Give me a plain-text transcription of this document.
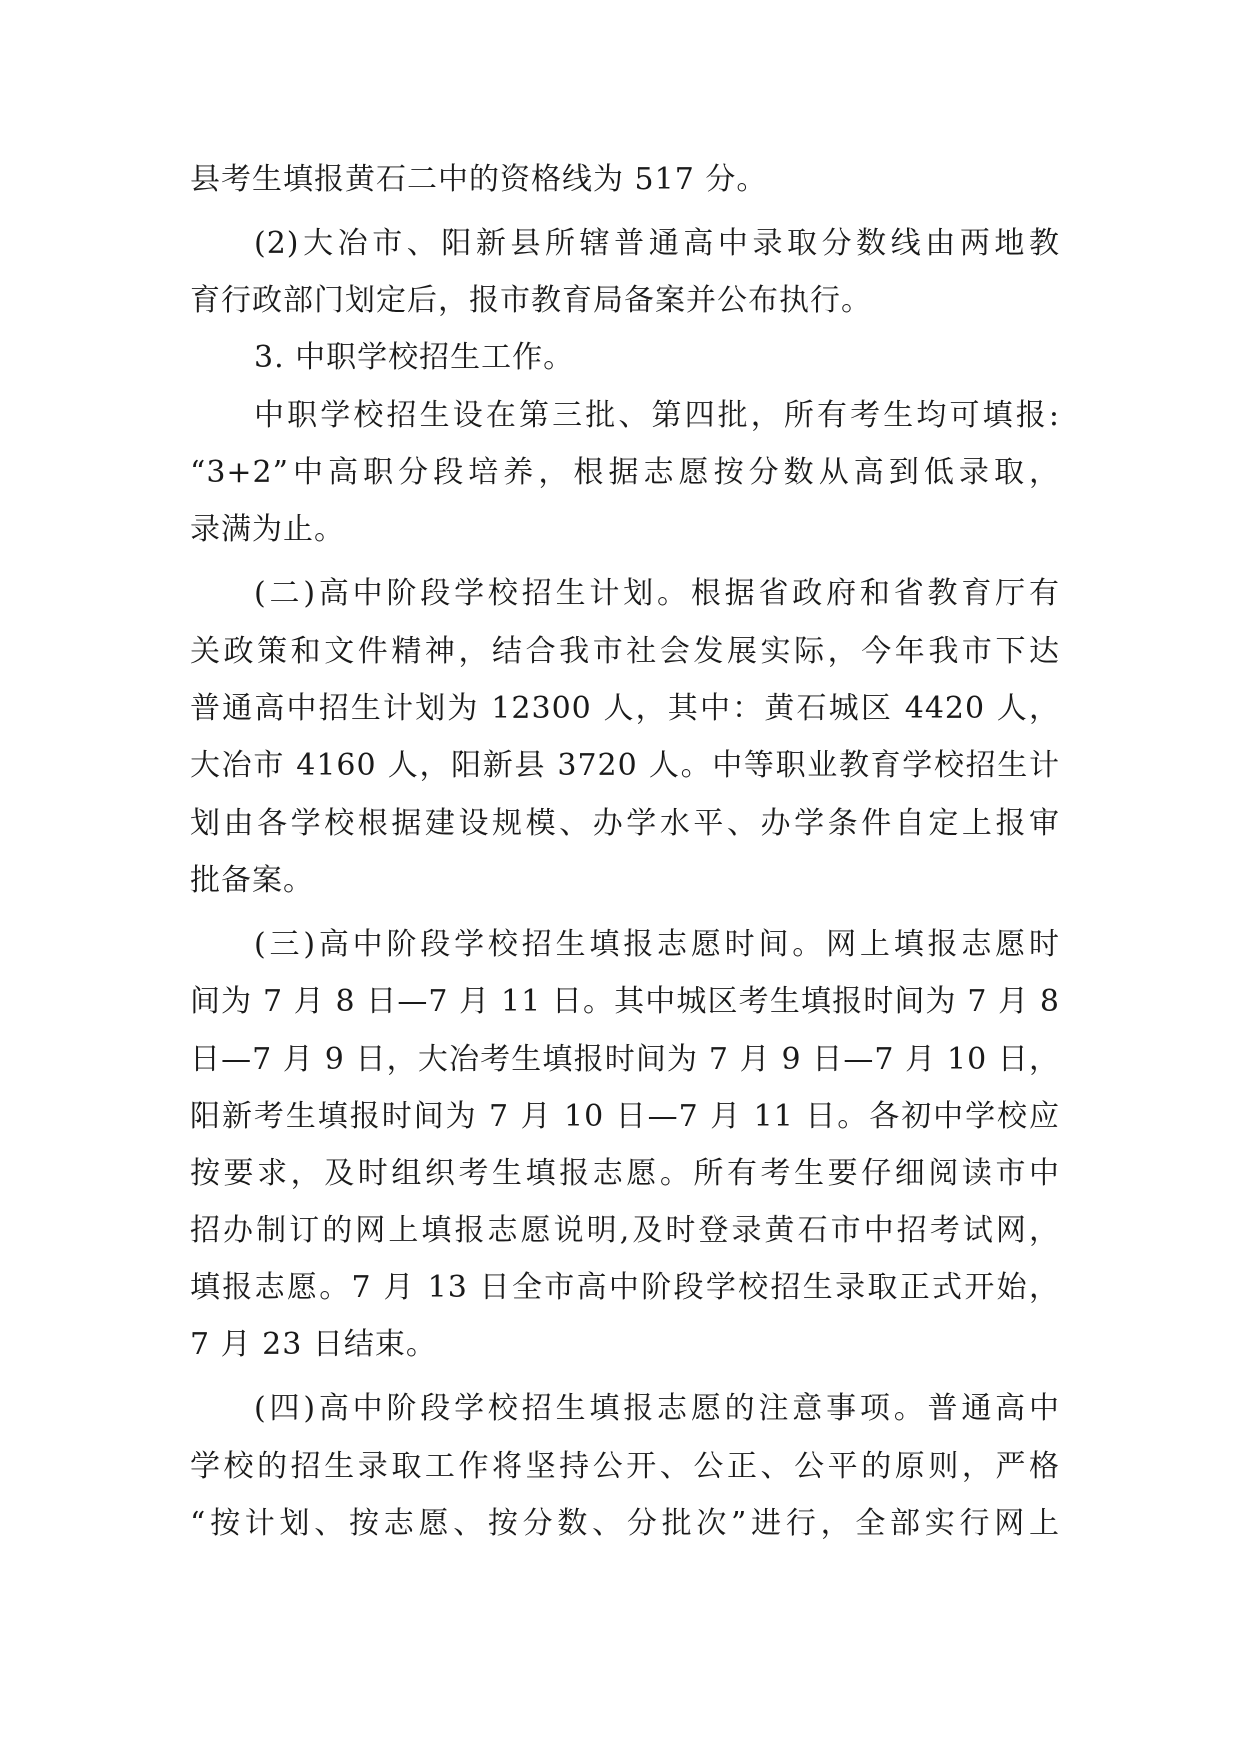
县考生填报黄石二中的资格线为 517 分。
(2)大冶市、阳新县所辖普通高中录取分数线由两地教
育行政部门划定后，报市教育局备案并公布执行。
3. 中职学校招生工作。
中职学校招生设在第三批、第四批，所有考生均可填报:
“3+2”中高职分段培养，根据志愿按分数从高到低录取，
录满为止。
(二)高中阶段学校招生计划。根据省政府和省教育厅有
关政策和文件精神，结合我市社会发展实际，今年我市下达
普通高中招生计划为 12300 人，其中：黄石城区 4420 人，
大冶市 4160 人，阳新县 3720 人。中等职业教育学校招生计
划由各学校根据建设规模、办学水平、办学条件自定上报审
批备案。
(三)高中阶段学校招生填报志愿时间。网上填报志愿时
间为 7 月 8 日—7 月 11 日。其中城区考生填报时间为 7 月 8
日—7 月 9 日，大冶考生填报时间为 7 月 9 日—7 月 10 日，
阳新考生填报时间为 7 月 10 日—7 月 11 日。各初中学校应
按要求，及时组织考生填报志愿。所有考生要仔细阅读市中
招办制订的网上填报志愿说明,及时登录黄石市中招考试网，
填报志愿。7 月 13 日全市高中阶段学校招生录取正式开始，
7 月 23 日结束。
(四)高中阶段学校招生填报志愿的注意事项。普通高中
学校的招生录取工作将坚持公开、公正、公平的原则，严格
“按计划、按志愿、按分数、分批次”进行，全部实行网上
